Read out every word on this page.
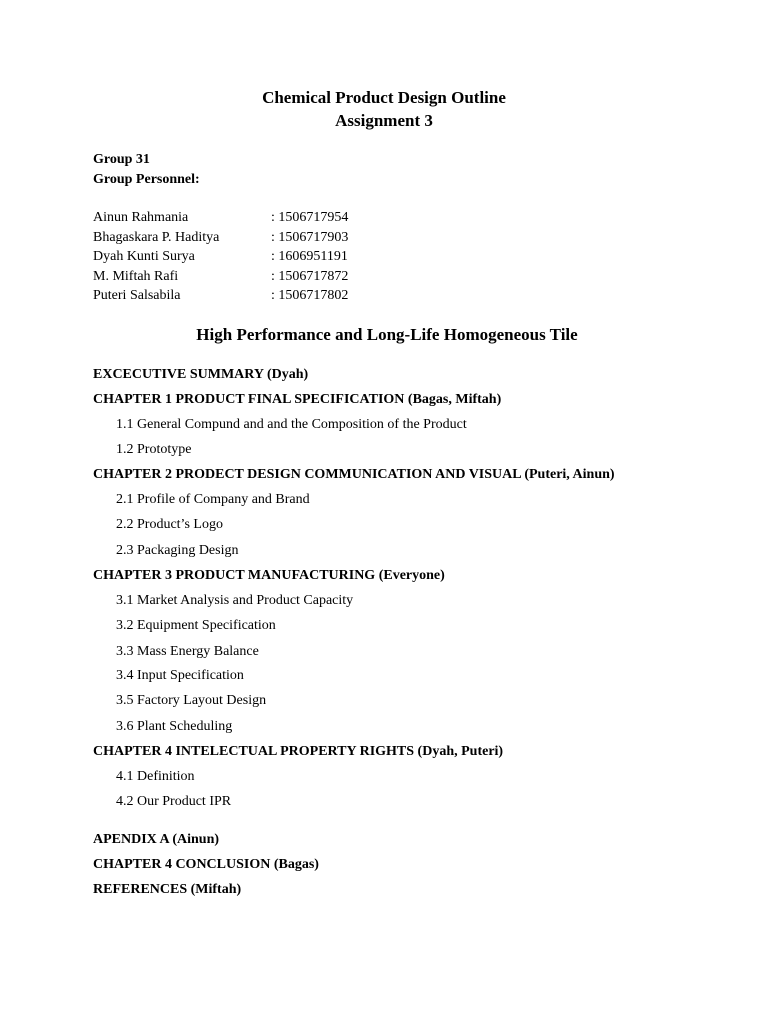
Chemical Product Design Outline
Assignment 3
Group 31
Group Personnel:
Ainun Rahmania	: 1506717954
Bhagaskara P. Haditya	: 1506717903
Dyah Kunti Surya	: 1606951191
M. Miftah Rafi	: 1506717872
Puteri Salsabila	: 1506717802
High Performance and Long-Life Homogeneous Tile
EXCECUTIVE SUMMARY (Dyah)
CHAPTER 1 PRODUCT FINAL SPECIFICATION (Bagas, Miftah)
1.1 General Compund and and the Composition of the Product
1.2 Prototype
CHAPTER 2 PRODECT DESIGN COMMUNICATION AND VISUAL (Puteri, Ainun)
2.1 Profile of Company and Brand
2.2 Product’s Logo
2.3 Packaging Design
CHAPTER 3 PRODUCT MANUFACTURING (Everyone)
3.1 Market Analysis and Product Capacity
3.2 Equipment Specification
3.3 Mass Energy Balance
3.4 Input Specification
3.5 Factory Layout Design
3.6 Plant Scheduling
CHAPTER 4 INTELECTUAL PROPERTY RIGHTS (Dyah, Puteri)
4.1 Definition
4.2 Our Product IPR
APENDIX A (Ainun)
CHAPTER 4 CONCLUSION (Bagas)
REFERENCES (Miftah)
